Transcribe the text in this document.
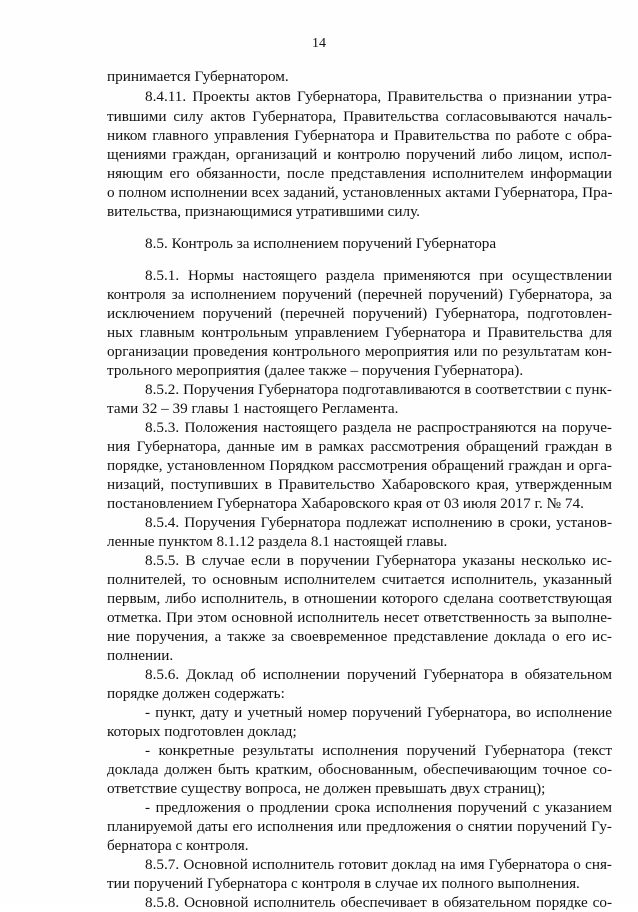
14
принимается Губернатором.
8.4.11. Проекты актов Губернатора, Правительства о признании утра-
тившими силу актов Губернатора, Правительства согласовываются началь-
ником главного управления Губернатора и Правительства по работе с обра-
щениями граждан, организаций и контролю поручений либо лицом, испол-
няющим его обязанности, после представления исполнителем информации
о полном исполнении всех заданий, установленных актами Губернатора, Пра-
вительства, признающимися утратившими силу.
8.5. Контроль за исполнением поручений Губернатора
8.5.1. Нормы настоящего раздела применяются при осуществлении
контроля за исполнением поручений (перечней поручений) Губернатора, за
исключением поручений (перечней поручений) Губернатора, подготовлен-
ных главным контрольным управлением Губернатора и Правительства для
организации проведения контрольного мероприятия или по результатам кон-
трольного мероприятия (далее также – поручения Губернатора).
8.5.2. Поручения Губернатора подготавливаются в соответствии с пунк-
тами 32 – 39 главы 1 настоящего Регламента.
8.5.3. Положения настоящего раздела не распространяются на поруче-
ния Губернатора, данные им в рамках рассмотрения обращений граждан в
порядке, установленном Порядком рассмотрения обращений граждан и орга-
низаций, поступивших в Правительство Хабаровского края, утвержденным
постановлением Губернатора Хабаровского края от 03 июля 2017 г. № 74.
8.5.4. Поручения Губернатора подлежат исполнению в сроки, установ-
ленные пунктом 8.1.12 раздела 8.1 настоящей главы.
8.5.5. В случае если в поручении Губернатора указаны несколько ис-
полнителей, то основным исполнителем считается исполнитель, указанный
первым, либо исполнитель, в отношении которого сделана соответствующая
отметка. При этом основной исполнитель несет ответственность за выполне-
ние поручения, а также за своевременное представление доклада о его ис-
полнении.
8.5.6. Доклад об исполнении поручений Губернатора в обязательном
порядке должен содержать:
- пункт, дату и учетный номер поручений Губернатора, во исполнение
которых подготовлен доклад;
- конкретные результаты исполнения поручений Губернатора (текст
доклада должен быть кратким, обоснованным, обеспечивающим точное со-
ответствие существу вопроса, не должен превышать двух страниц);
- предложения о продлении срока исполнения поручений с указанием
планируемой даты его исполнения или предложения о снятии поручений Гу-
бернатора с контроля.
8.5.7. Основной исполнитель готовит доклад на имя Губернатора о сня-
тии поручений Губернатора с контроля в случае их полного выполнения.
8.5.8. Основной исполнитель обеспечивает в обязательном порядке со-
